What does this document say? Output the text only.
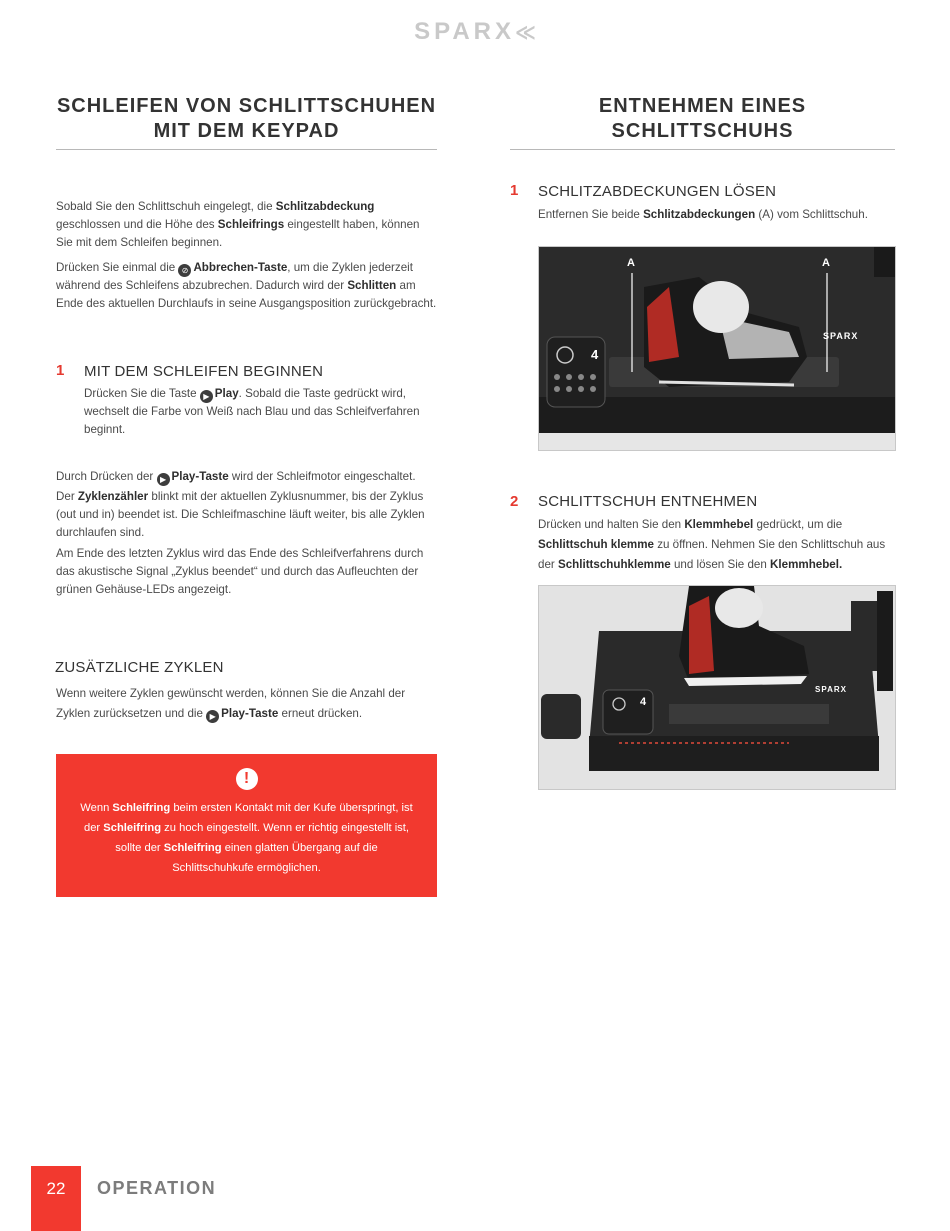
SPARX≪

SCHLEIFEN VON SCHLITTSCHUHEN

MIT DEM KEYPAD

Sobald Sie den Schlittschuh eingelegt, die Schlitzabdeckung geschlossen und die Höhe des Schleifrings eingestellt haben, können Sie mit dem Schleifen beginnen.

Drücken Sie einmal die ⊘ Abbrechen-Taste, um die Zyklen jederzeit während des Schleifens abzubrechen. Dadurch wird der Schlitten am Ende des aktuellen Durchlaufs in seine Ausgangsposition zurückgebracht.

1 MIT DEM SCHLEIFEN BEGINNEN

Drücken Sie die Taste ▶ Play. Sobald die Taste gedrückt wird, wechselt die Farbe von Weiß nach Blau und das Schleifverfahren beginnt.

Durch Drücken der ▶ Play-Taste wird der Schleifmotor eingeschaltet.

Der Zyklenzähler blinkt mit der aktuellen Zyklusnummer, bis der Zyklus (out und in) beendet ist. Die Schleifmaschine läuft weiter, bis alle Zyklen durchlaufen sind.

Am Ende des letzten Zyklus wird das Ende des Schleifverfahrens durch das akustische Signal „Zyklus beendet“ und durch das Aufleuchten der grünen Gehäuse-LEDs angezeigt.

ZUSÄTZLICHE ZYKLEN

Wenn weitere Zyklen gewünscht werden, können Sie die Anzahl der Zyklen zurücksetzen und die ▶ Play-Taste erneut drücken.

!
Wenn Schleifring beim ersten Kontakt mit der Kufe überspringt, ist der Schleifring zu hoch eingestellt. Wenn er richtig eingestellt ist, sollte der Schleifring einen glatten Übergang auf die Schlittschuhkufe ermöglichen.

ENTNEHMEN EINES

SCHLITTSCHUHS

1 SCHLITZABDECKUNGEN LÖSEN

Entfernen Sie beide Schlitzabdeckungen (A) vom Schlittschuh.

A	A
4
SPARX
2 SCHLITTSCHUH ENTNEHMEN

Drücken und halten Sie den Klemmhebel gedrückt, um die Schlittschuh klemme zu öffnen. Nehmen Sie den Schlittschuh aus der Schlittschuhklemme und lösen Sie den Klemmhebel.

4
SPARX
22	OPERATION
